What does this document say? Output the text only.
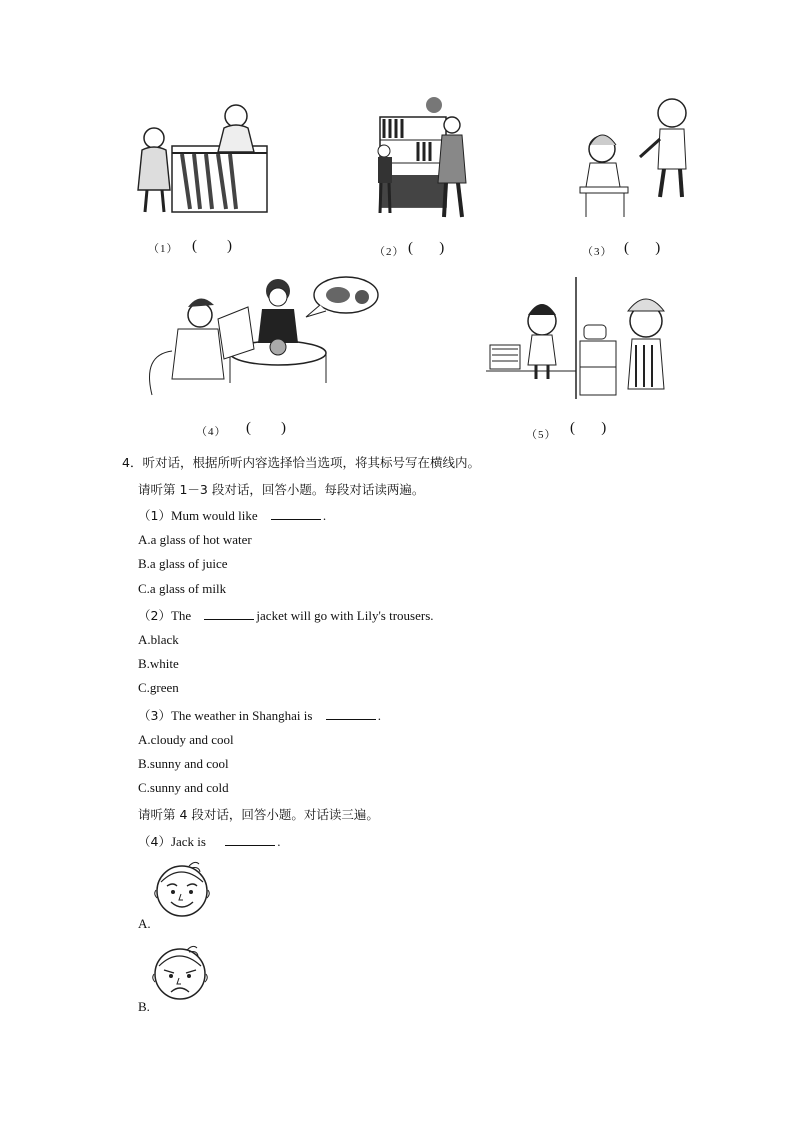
（1） (        )	（2） (       )	（3） (       )
（4） (        )	（5） (       )
4．听对话，根据所听内容选择恰当选项，将其标号写在横线内。
请听第 1－3 段对话，回答小题。每段对话读两遍。
（1）Mum would like	.
A.a glass of hot water
B.a glass of juice
C.a glass of milk
（2）The	jacket will go with Lily's trousers.
A.black
B.white
C.green
（3）The weather in Shanghai is	.
A.cloudy and cool
B.sunny and cool
C.sunny and cold
请听第 4 段对话，回答小题。对话读三遍。
（4）Jack is	.
A.
B.
